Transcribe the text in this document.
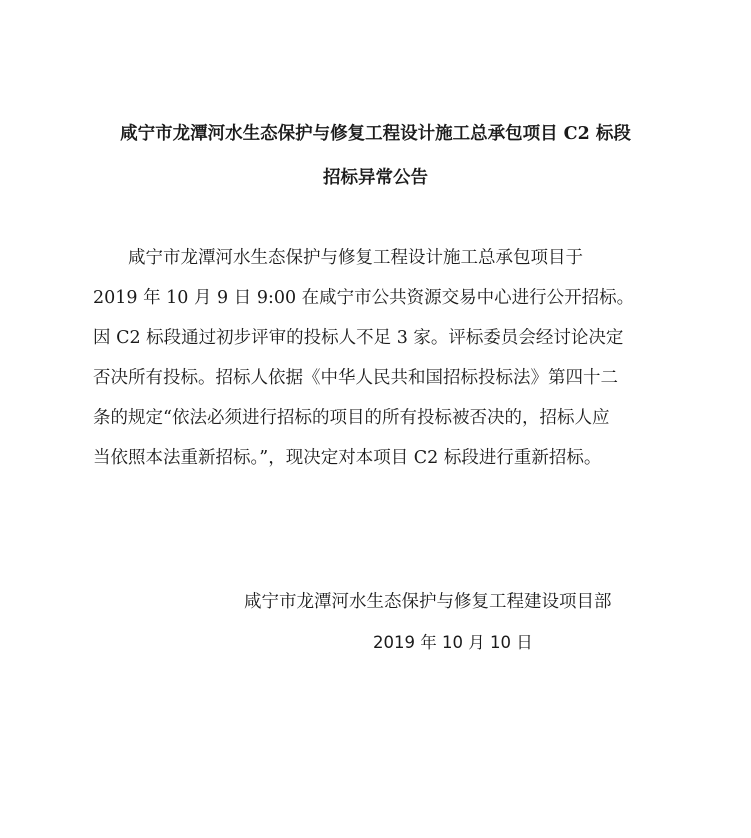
咸宁市龙潭河水生态保护与修复工程设计施工总承包项目 C2 标段
招标异常公告
咸宁市龙潭河水生态保护与修复工程设计施工总承包项目于
2019 年 10 月 9 日 9:00 在咸宁市公共资源交易中心进行公开招标。
因 C2 标段通过初步评审的投标人不足 3 家。评标委员会经讨论决定
否决所有投标。招标人依据《中华人民共和国招标投标法》第四十二
条的规定“依法必须进行招标的项目的所有投标被否决的，招标人应
当依照本法重新招标。”，现决定对本项目 C2 标段进行重新招标。

咸宁市龙潭河水生态保护与修复工程建设项目部

2019 年 10 月 10 日
